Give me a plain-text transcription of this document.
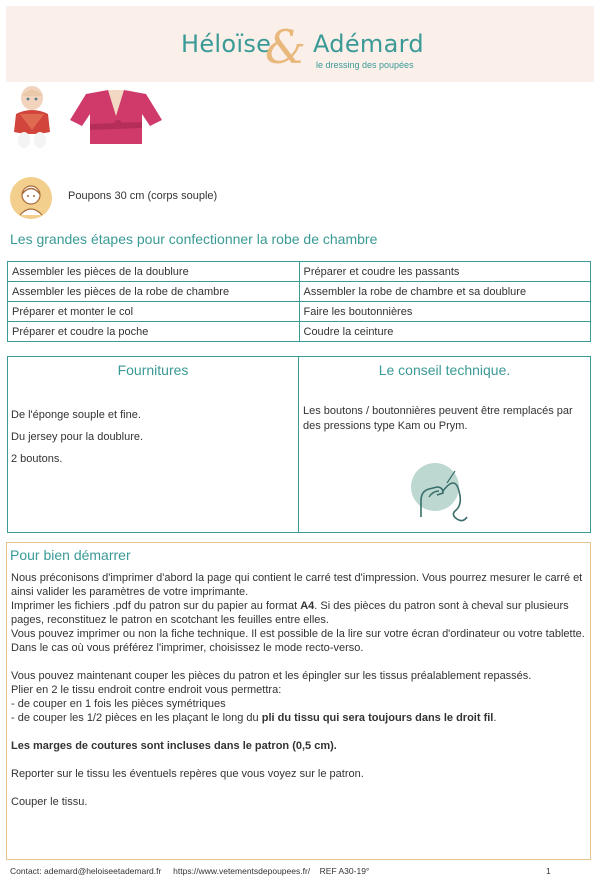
Héloïse
& Adémard
le dressing des poupées
Poupons 30 cm (corps souple)
Les grandes étapes pour confectionner la robe de chambre
Assembler les pièces de la doublure	Préparer et coudre les passants
Assembler les pièces de la robe de chambre	Assembler la robe de chambre et sa doublure
Préparer et monter le col	Faire les boutonnières
Préparer et coudre la poche	Coudre la ceinture
Fournitures
De l'éponge souple et fine.
Du jersey pour la doublure.
2 boutons.
Le conseil technique.
Les boutons / boutonnières peuvent être remplacés par des pressions type Kam ou Prym.
Pour bien démarrer

Nous préconisons d'imprimer d'abord la page qui contient le carré test d'impression. Vous pourrez mesurer le carré et ainsi valider les paramètres de votre imprimante.

Imprimer les fichiers .pdf du patron sur du papier au format A4. Si des pièces du patron sont à cheval sur plusieurs pages, reconstituez le patron en scotchant les feuilles entre elles.

Vous pouvez imprimer ou non la fiche technique. Il est possible de la lire sur votre écran d'ordinateur ou votre tablette. Dans le cas où vous préférez l'imprimer, choisissez le mode recto-verso.

Vous pouvez maintenant couper les pièces du patron et les épingler sur les tissus préalablement repassés.

Plier en 2 le tissu endroit contre endroit vous permettra:

- de couper en 1 fois les pièces symétriques

- de couper les 1/2 pièces en les plaçant le long du pli du tissu qui sera toujours dans le droit fil.

Les marges de coutures sont incluses dans le patron (0,5 cm).

Reporter sur le tissu les éventuels repères que vous voyez sur le patron.

Couper le tissu.

Contact: ademard@heloiseetademard.fr https://www.vetementsdepoupees.fr/ REF A30-19°	1
